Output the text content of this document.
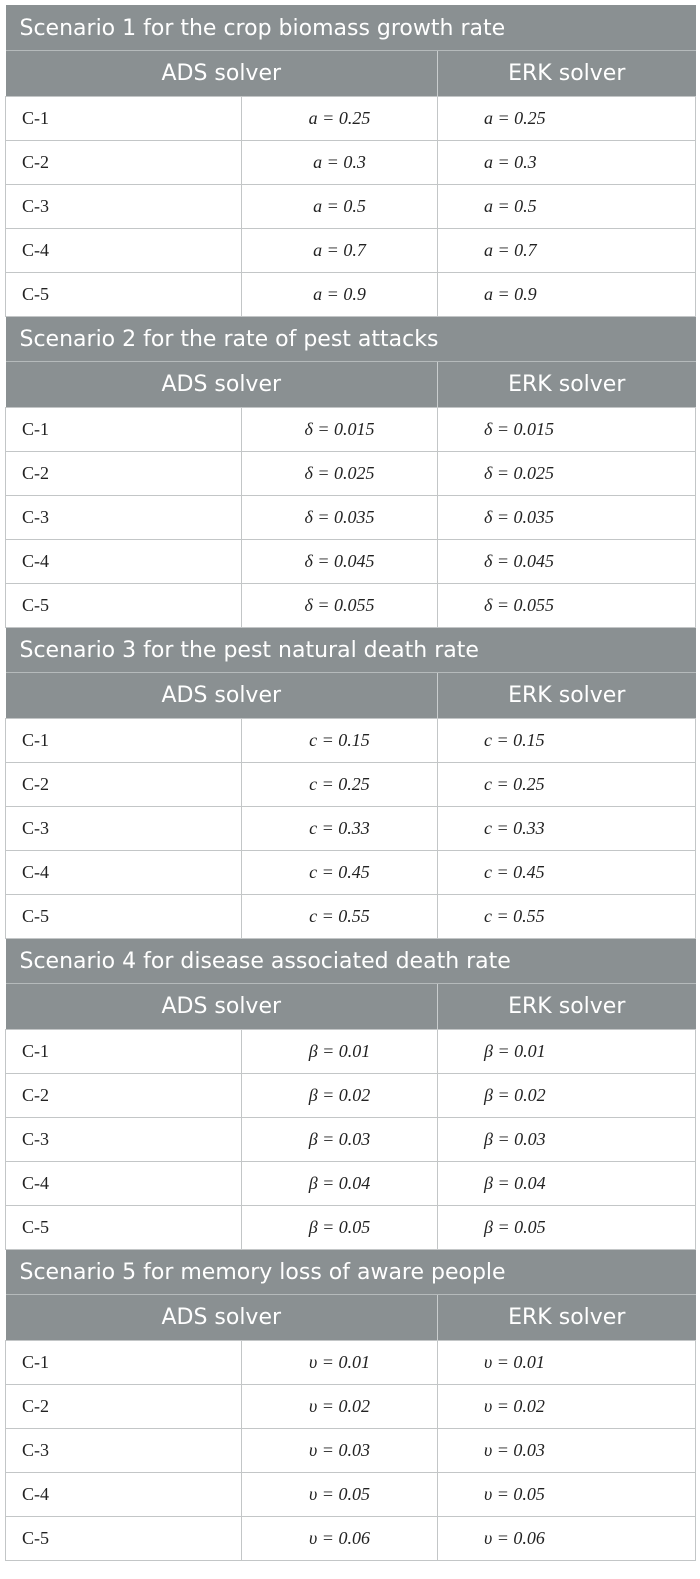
Scenario 1 for the crop biomass growth rate		
ADS solver		ERK solver
C-1	a = 0.25	a = 0.25
C-2	a = 0.3	a = 0.3
C-3	a = 0.5	a = 0.5
C-4	a = 0.7	a = 0.7
C-5	a = 0.9	a = 0.9
Scenario 2 for the rate of pest attacks		
ADS solver		ERK solver
C-1	δ = 0.015	δ = 0.015
C-2	δ = 0.025	δ = 0.025
C-3	δ = 0.035	δ = 0.035
C-4	δ = 0.045	δ = 0.045
C-5	δ = 0.055	δ = 0.055
Scenario 3 for the pest natural death rate		
ADS solver		ERK solver
C-1	c = 0.15	c = 0.15
C-2	c = 0.25	c = 0.25
C-3	c = 0.33	c = 0.33
C-4	c = 0.45	c = 0.45
C-5	c = 0.55	c = 0.55
Scenario 4 for disease associated death rate		
ADS solver		ERK solver
C-1	β = 0.01	β = 0.01
C-2	β = 0.02	β = 0.02
C-3	β = 0.03	β = 0.03
C-4	β = 0.04	β = 0.04
C-5	β = 0.05	β = 0.05
Scenario 5 for memory loss of aware people		
ADS solver		ERK solver
C-1	υ = 0.01	υ = 0.01
C-2	υ = 0.02	υ = 0.02
C-3	υ = 0.03	υ = 0.03
C-4	υ = 0.05	υ = 0.05
C-5	υ = 0.06	υ = 0.06
